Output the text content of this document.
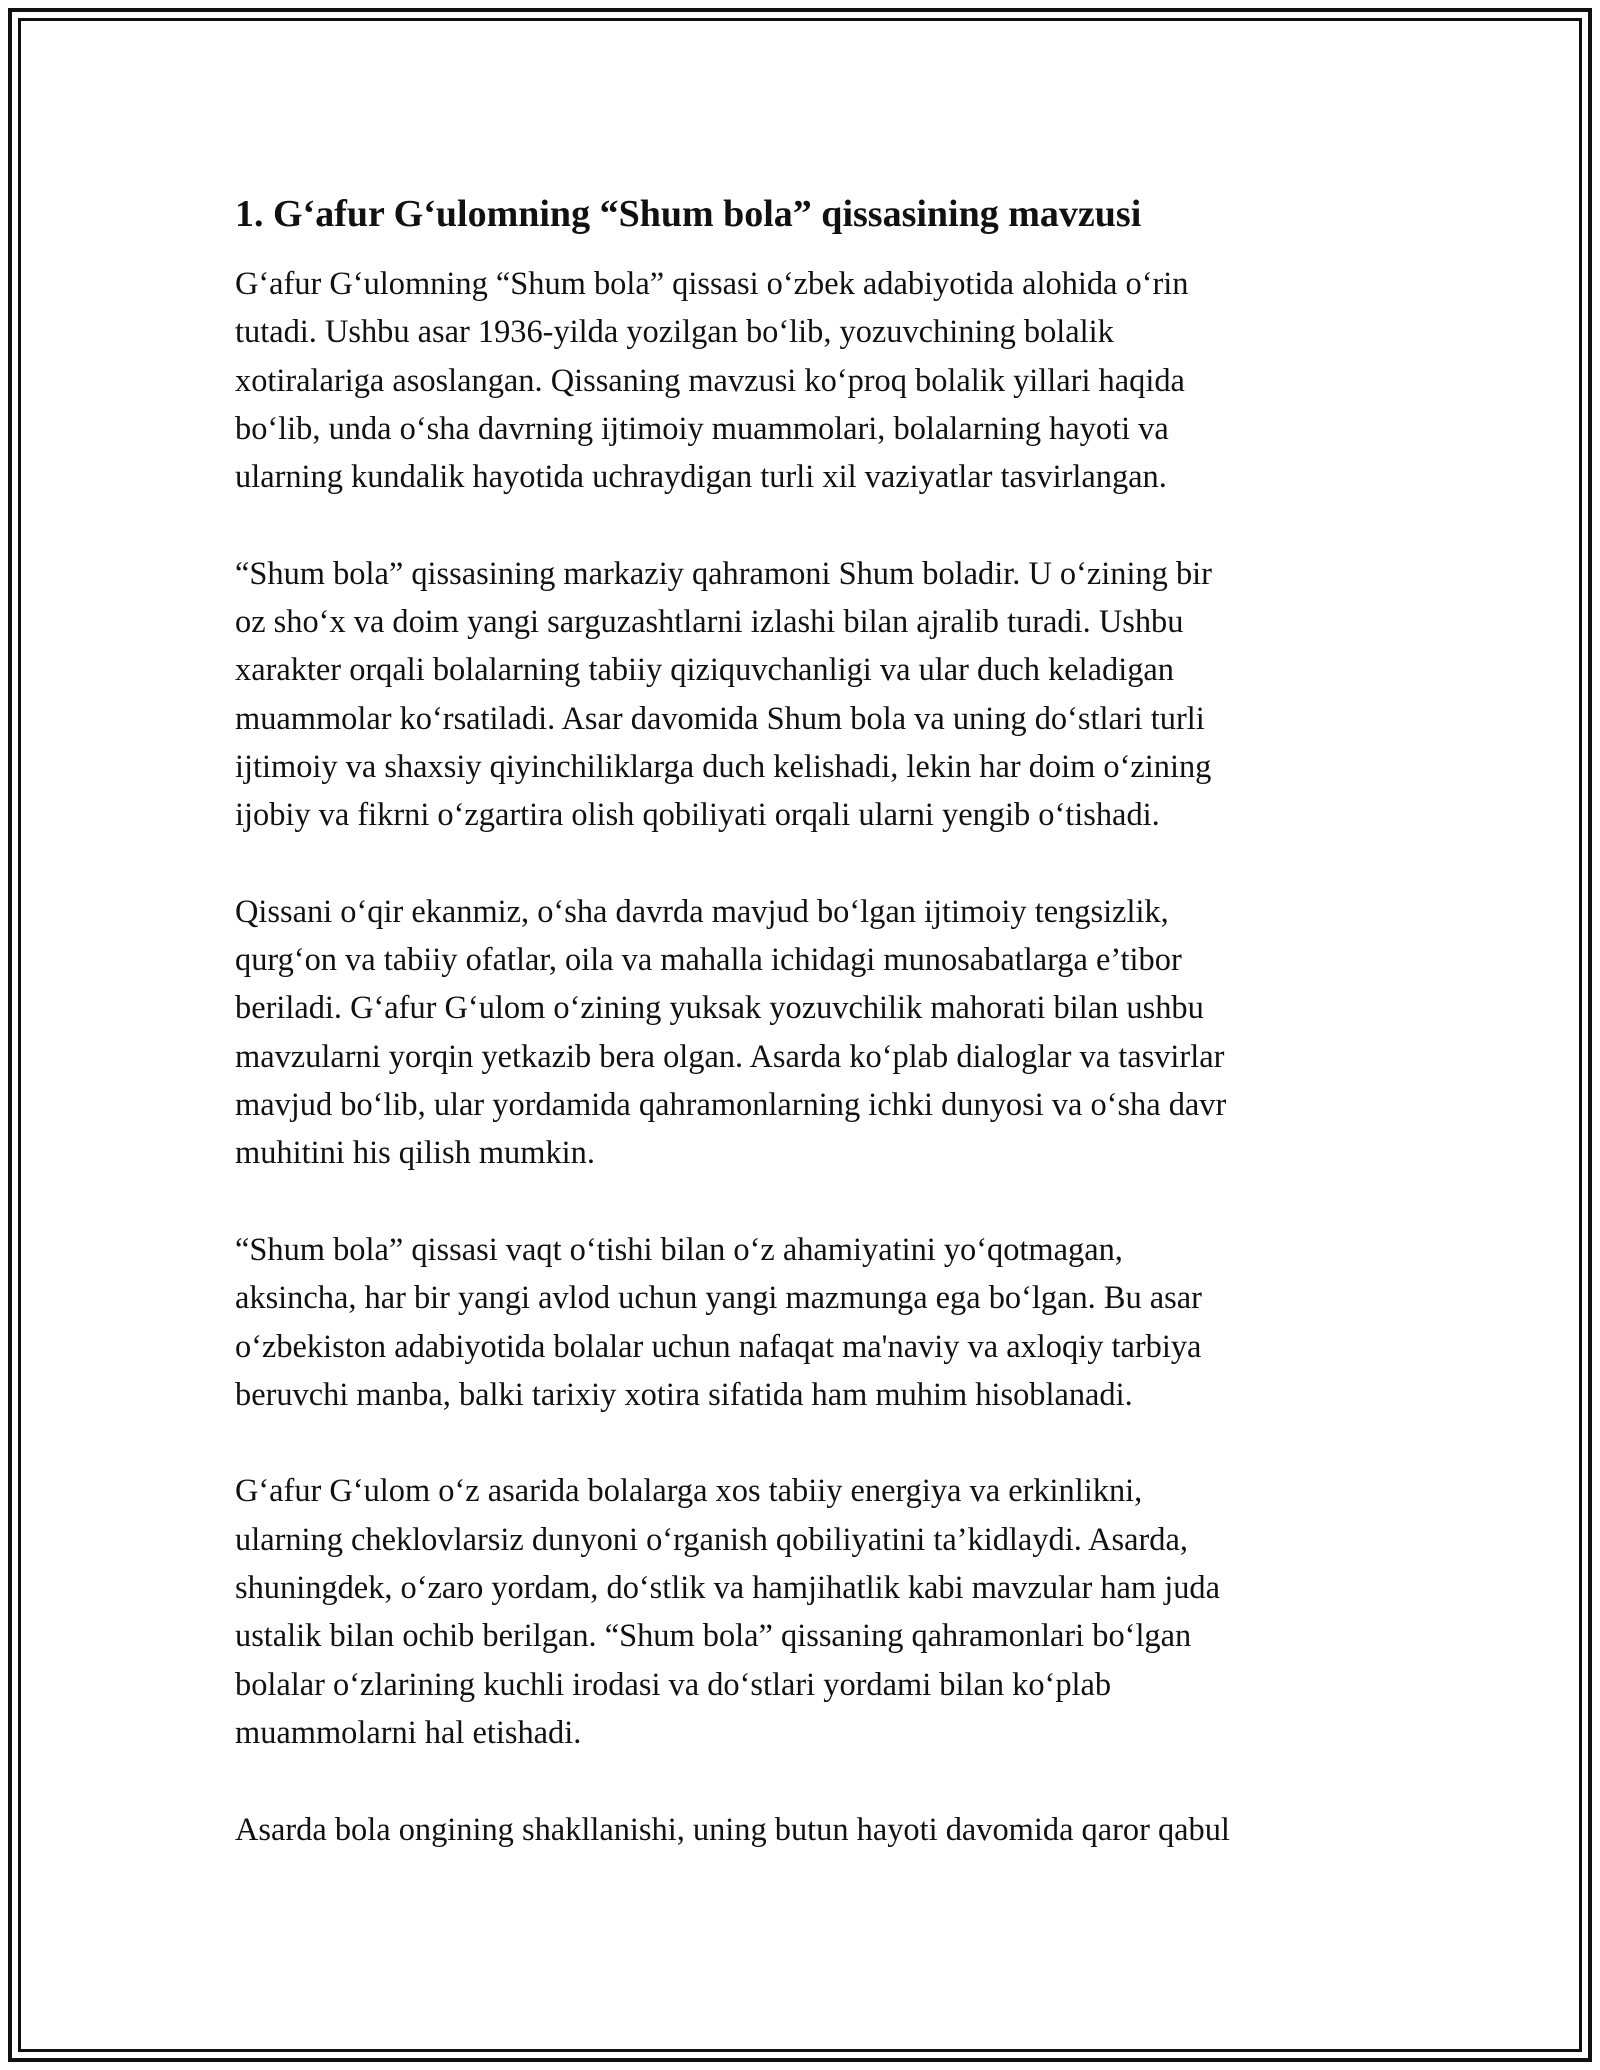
1. G‘afur G‘ulomning “Shum bola” qissasining mavzusi
G‘afur G‘ulomning “Shum bola” qissasi o‘zbek adabiyotida alohida o‘rin
tutadi. Ushbu asar 1936-yilda yozilgan bo‘lib, yozuvchining bolalik
xotiralariga asoslangan. Qissaning mavzusi ko‘proq bolalik yillari haqida
bo‘lib, unda o‘sha davrning ijtimoiy muammolari, bolalarning hayoti va
ularning kundalik hayotida uchraydigan turli xil vaziyatlar tasvirlangan.
“Shum bola” qissasining markaziy qahramoni Shum boladir. U o‘zining bir
oz sho‘x va doim yangi sarguzashtlarni izlashi bilan ajralib turadi. Ushbu
xarakter orqali bolalarning tabiiy qiziquvchanligi va ular duch keladigan
muammolar ko‘rsatiladi. Asar davomida Shum bola va uning do‘stlari turli
ijtimoiy va shaxsiy qiyinchiliklarga duch kelishadi, lekin har doim o‘zining
ijobiy va fikrni o‘zgartira olish qobiliyati orqali ularni yengib o‘tishadi.
Qissani o‘qir ekanmiz, o‘sha davrda mavjud bo‘lgan ijtimoiy tengsizlik,
qurg‘on va tabiiy ofatlar, oila va mahalla ichidagi munosabatlarga e’tibor
beriladi. G‘afur G‘ulom o‘zining yuksak yozuvchilik mahorati bilan ushbu
mavzularni yorqin yetkazib bera olgan. Asarda ko‘plab dialoglar va tasvirlar
mavjud bo‘lib, ular yordamida qahramonlarning ichki dunyosi va o‘sha davr
muhitini his qilish mumkin.
“Shum bola” qissasi vaqt o‘tishi bilan o‘z ahamiyatini yo‘qotmagan,
aksincha, har bir yangi avlod uchun yangi mazmunga ega bo‘lgan. Bu asar
o‘zbekiston adabiyotida bolalar uchun nafaqat ma'naviy va axloqiy tarbiya
beruvchi manba, balki tarixiy xotira sifatida ham muhim hisoblanadi.
G‘afur G‘ulom o‘z asarida bolalarga xos tabiiy energiya va erkinlikni,
ularning cheklovlarsiz dunyoni o‘rganish qobiliyatini ta’kidlaydi. Asarda,
shuningdek, o‘zaro yordam, do‘stlik va hamjihatlik kabi mavzular ham juda
ustalik bilan ochib berilgan. “Shum bola” qissaning qahramonlari bo‘lgan
bolalar o‘zlarining kuchli irodasi va do‘stlari yordami bilan ko‘plab
muammolarni hal etishadi.
Asarda bola ongining shakllanishi, uning butun hayoti davomida qaror qabul
